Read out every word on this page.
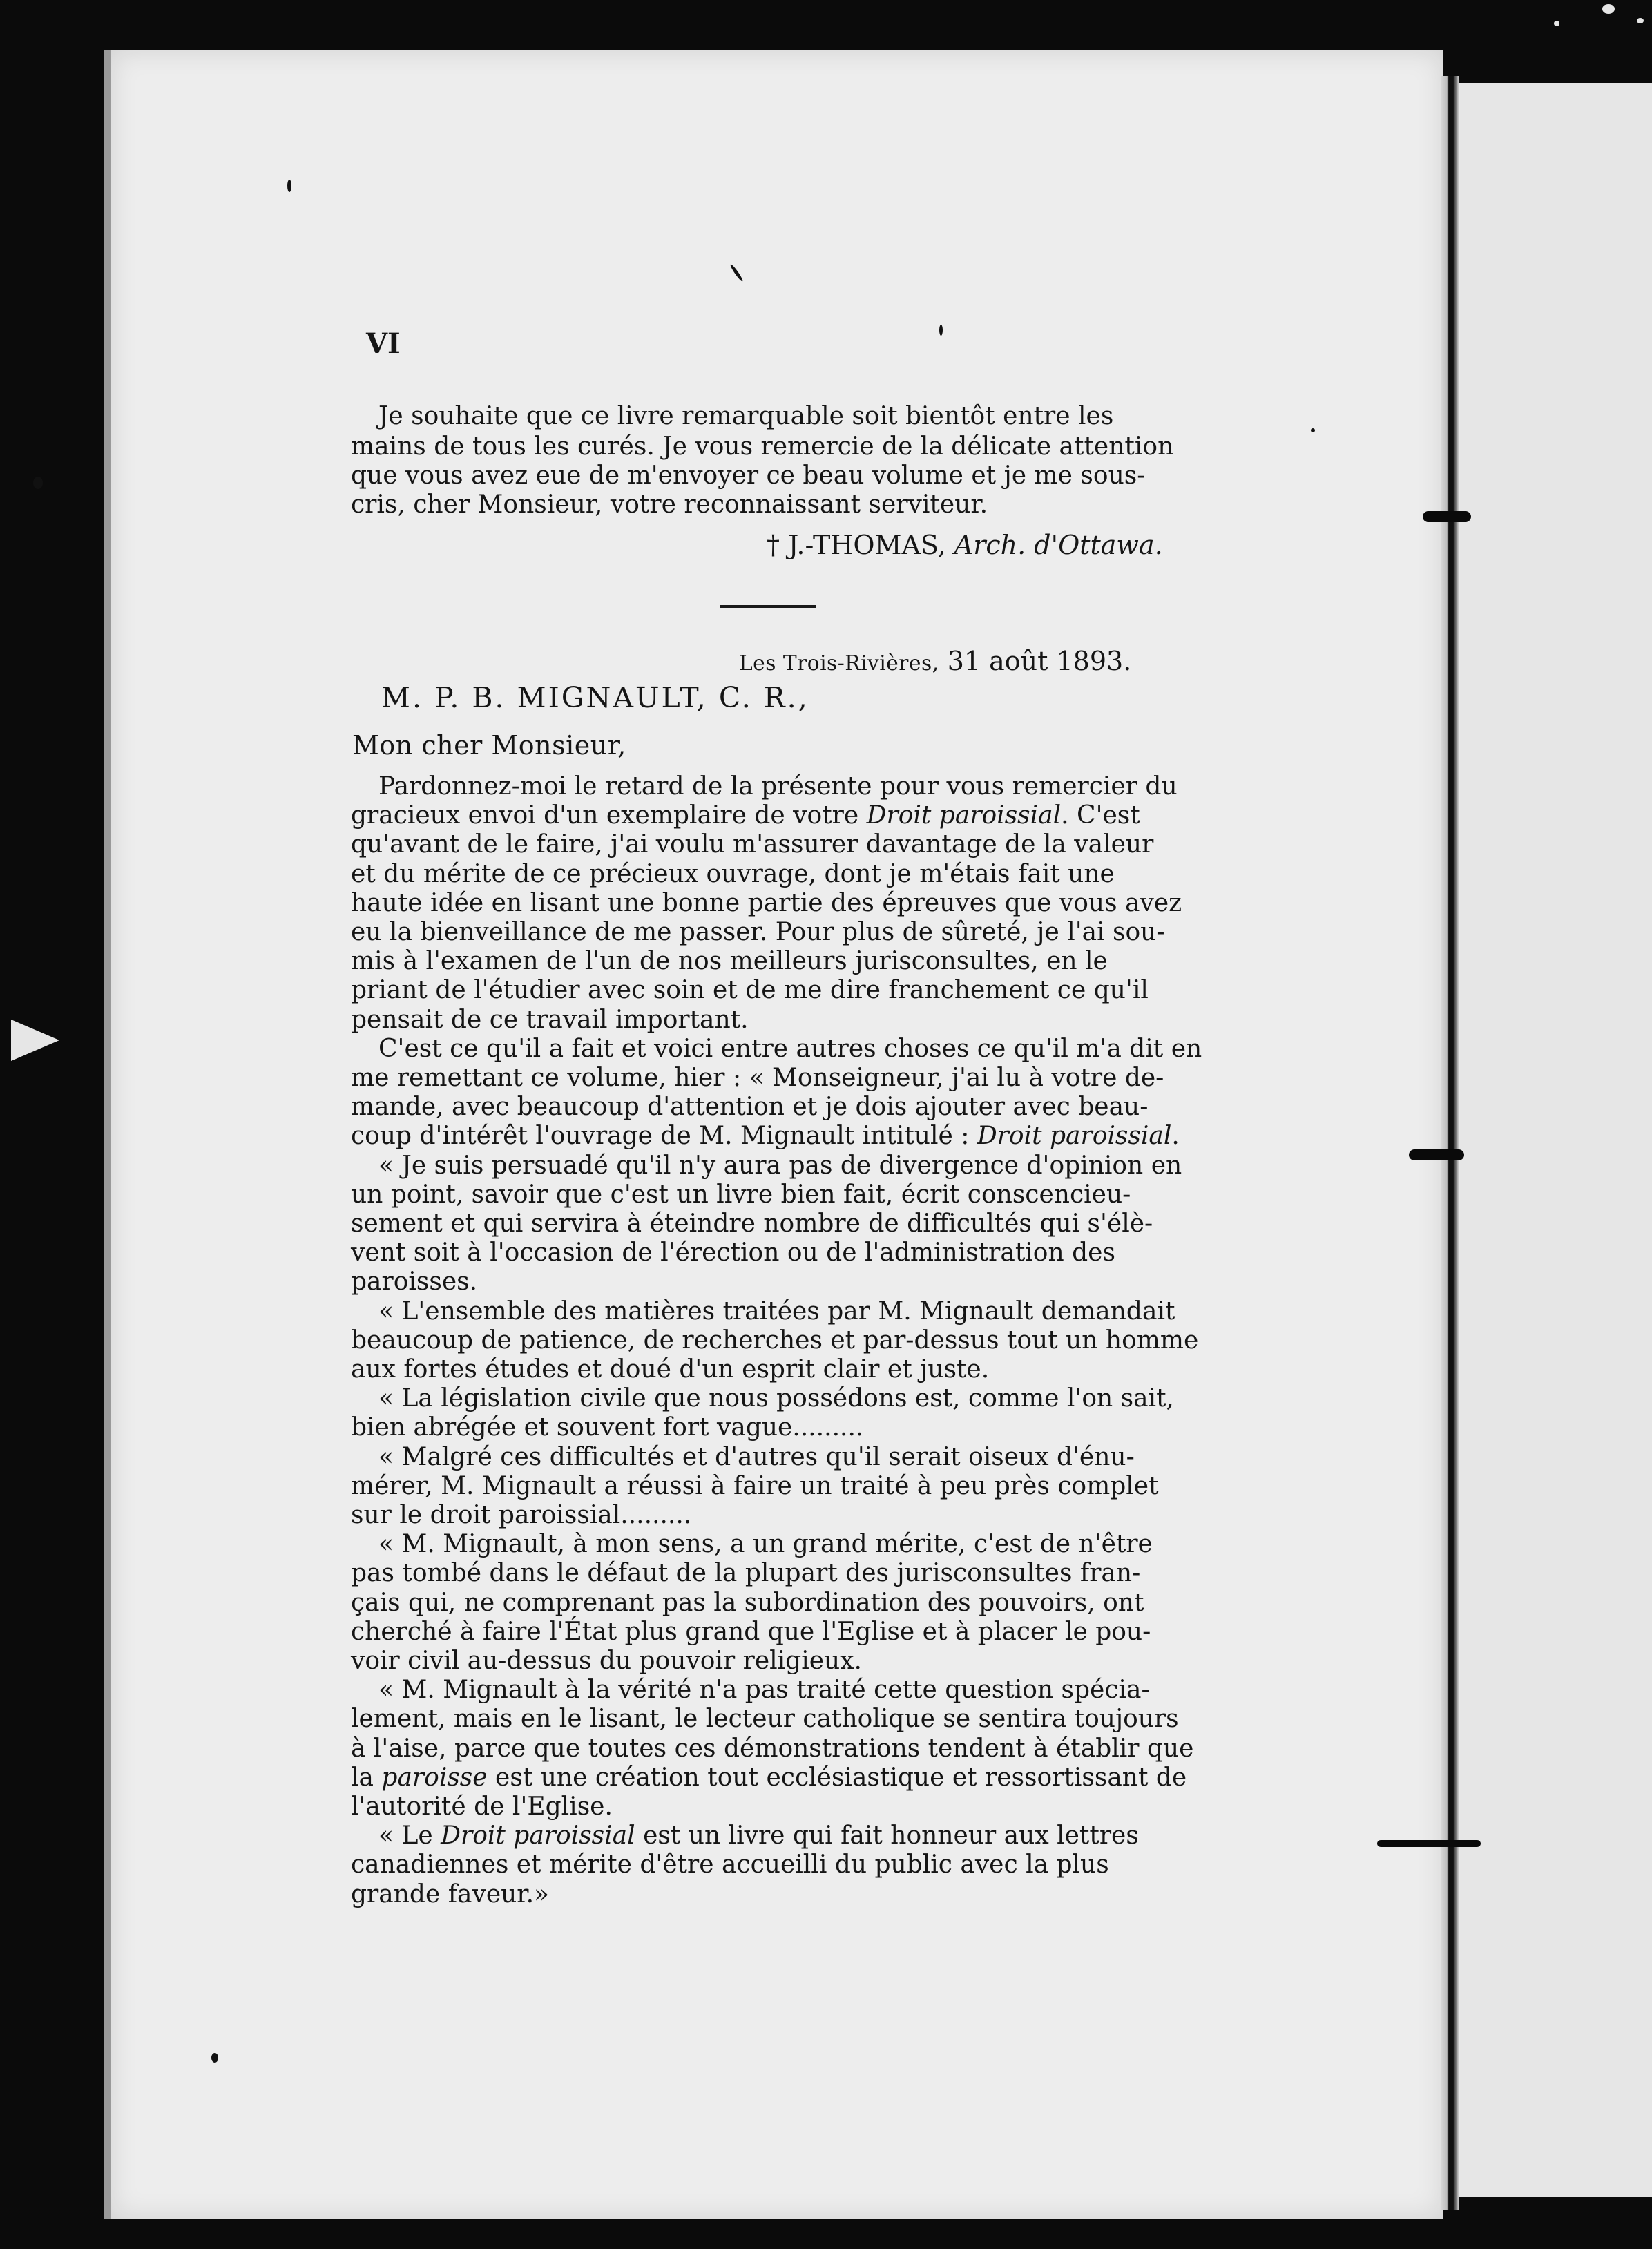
VI
Je souhaite que ce livre remarquable soit bientôt entre les
mains de tous les curés. Je vous remercie de la délicate attention
que vous avez eue de m'envoyer ce beau volume et je me sous-
cris, cher Monsieur, votre reconnaissant serviteur.
† J.-THOMAS, Arch. d'Ottawa.
Les Trois-Rivières, 31 août 1893.
M. P. B. MIGNAULT, C. R.,
Mon cher Monsieur,
Pardonnez-moi le retard de la présente pour vous remercier du
gracieux envoi d'un exemplaire de votre Droit paroissial. C'est
qu'avant de le faire, j'ai voulu m'assurer davantage de la valeur
et du mérite de ce précieux ouvrage, dont je m'étais fait une
haute idée en lisant une bonne partie des épreuves que vous avez
eu la bienveillance de me passer. Pour plus de sûreté, je l'ai sou-
mis à l'examen de l'un de nos meilleurs jurisconsultes, en le
priant de l'étudier avec soin et de me dire franchement ce qu'il
pensait de ce travail important.
C'est ce qu'il a fait et voici entre autres choses ce qu'il m'a dit en
me remettant ce volume, hier : « Monseigneur, j'ai lu à votre de-
mande, avec beaucoup d'attention et je dois ajouter avec beau-
coup d'intérêt l'ouvrage de M. Mignault intitulé : Droit paroissial.
« Je suis persuadé qu'il n'y aura pas de divergence d'opinion en
un point, savoir que c'est un livre bien fait, écrit conscencieu-
sement et qui servira à éteindre nombre de difficultés qui s'élè-
vent soit à l'occasion de l'érection ou de l'administration des
paroisses.
« L'ensemble des matières traitées par M. Mignault demandait
beaucoup de patience, de recherches et par-dessus tout un homme
aux fortes études et doué d'un esprit clair et juste.
« La législation civile que nous possédons est, comme l'on sait,
bien abrégée et souvent fort vague.........
« Malgré ces difficultés et d'autres qu'il serait oiseux d'énu-
mérer, M. Mignault a réussi à faire un traité à peu près complet
sur le droit paroissial.........
« M. Mignault, à mon sens, a un grand mérite, c'est de n'être
pas tombé dans le défaut de la plupart des jurisconsultes fran-
çais qui, ne comprenant pas la subordination des pouvoirs, ont
cherché à faire l'État plus grand que l'Eglise et à placer le pou-
voir civil au-dessus du pouvoir religieux.
« M. Mignault à la vérité n'a pas traité cette question spécia-
lement, mais en le lisant, le lecteur catholique se sentira toujours
à l'aise, parce que toutes ces démonstrations tendent à établir que
la paroisse est une création tout ecclésiastique et ressortissant de
l'autorité de l'Eglise.
« Le Droit paroissial est un livre qui fait honneur aux lettres
canadiennes et mérite d'être accueilli du public avec la plus
grande faveur.»
